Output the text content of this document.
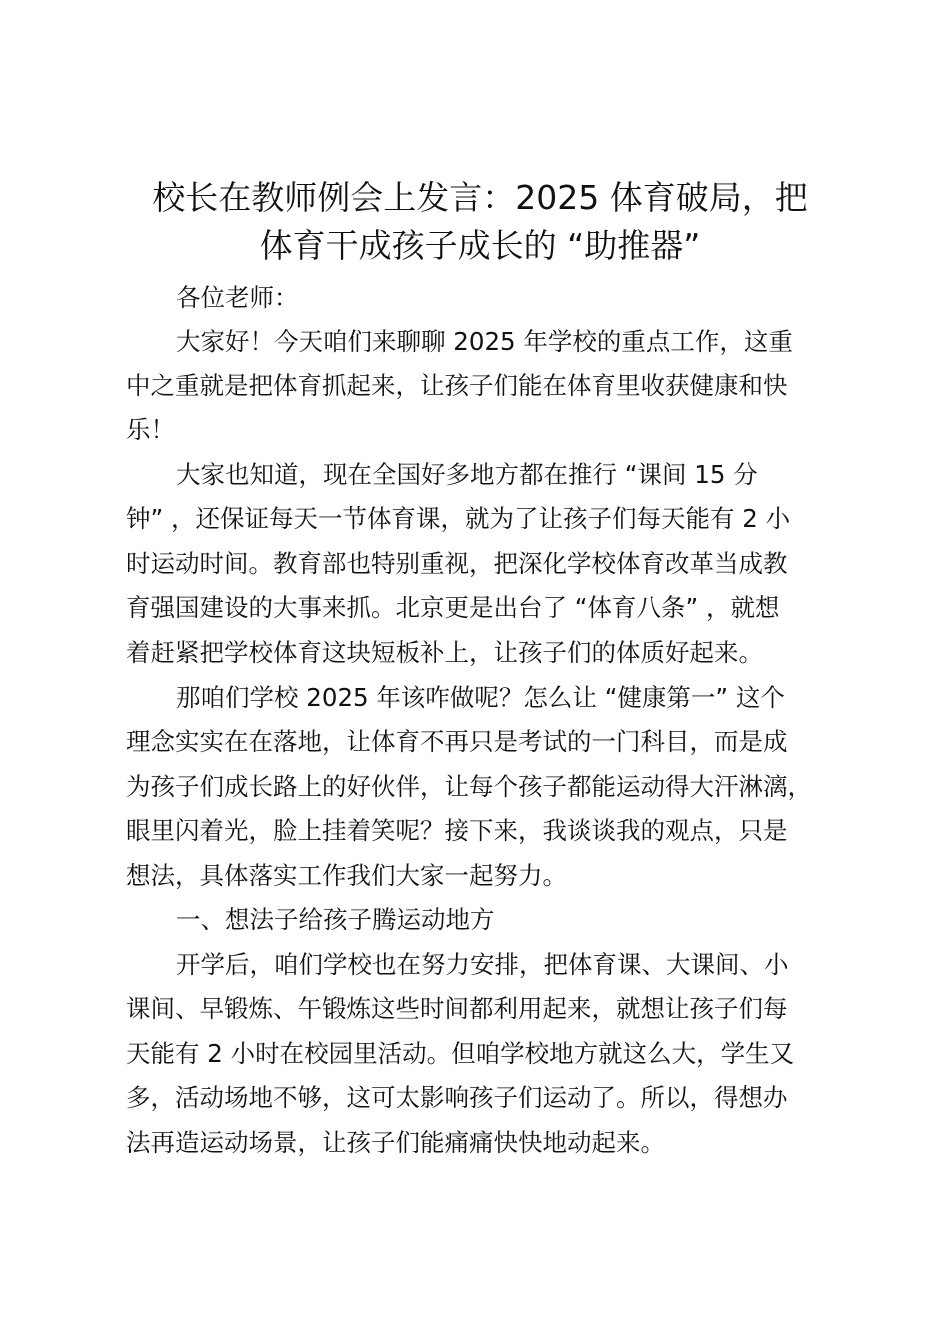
校长在教师例会上发言：2025 体育破局，把
体育干成孩子成长的 “助推器”

各位老师：

大家好！今天咱们来聊聊 2025 年学校的重点工作，这重

中之重就是把体育抓起来，让孩子们能在体育里收获健康和快

乐！

大家也知道，现在全国好多地方都在推行 “课间 15 分

钟” ，还保证每天一节体育课，就为了让孩子们每天能有 2 小

时运动时间。教育部也特别重视，把深化学校体育改革当成教

育强国建设的大事来抓。北京更是出台了 “体育八条” ，就想

着赶紧把学校体育这块短板补上，让孩子们的体质好起来。

那咱们学校 2025 年该咋做呢？怎么让 “健康第一” 这个

理念实实在在落地，让体育不再只是考试的一门科目，而是成

为孩子们成长路上的好伙伴，让每个孩子都能运动得大汗淋漓，

眼里闪着光，脸上挂着笑呢？接下来，我谈谈我的观点，只是

想法，具体落实工作我们大家一起努力。

一、想法子给孩子腾运动地方

开学后，咱们学校也在努力安排，把体育课、大课间、小

课间、早锻炼、午锻炼这些时间都利用起来，就想让孩子们每

天能有 2 小时在校园里活动。但咱学校地方就这么大，学生又

多，活动场地不够，这可太影响孩子们运动了。所以，得想办

法再造运动场景，让孩子们能痛痛快快地动起来。
